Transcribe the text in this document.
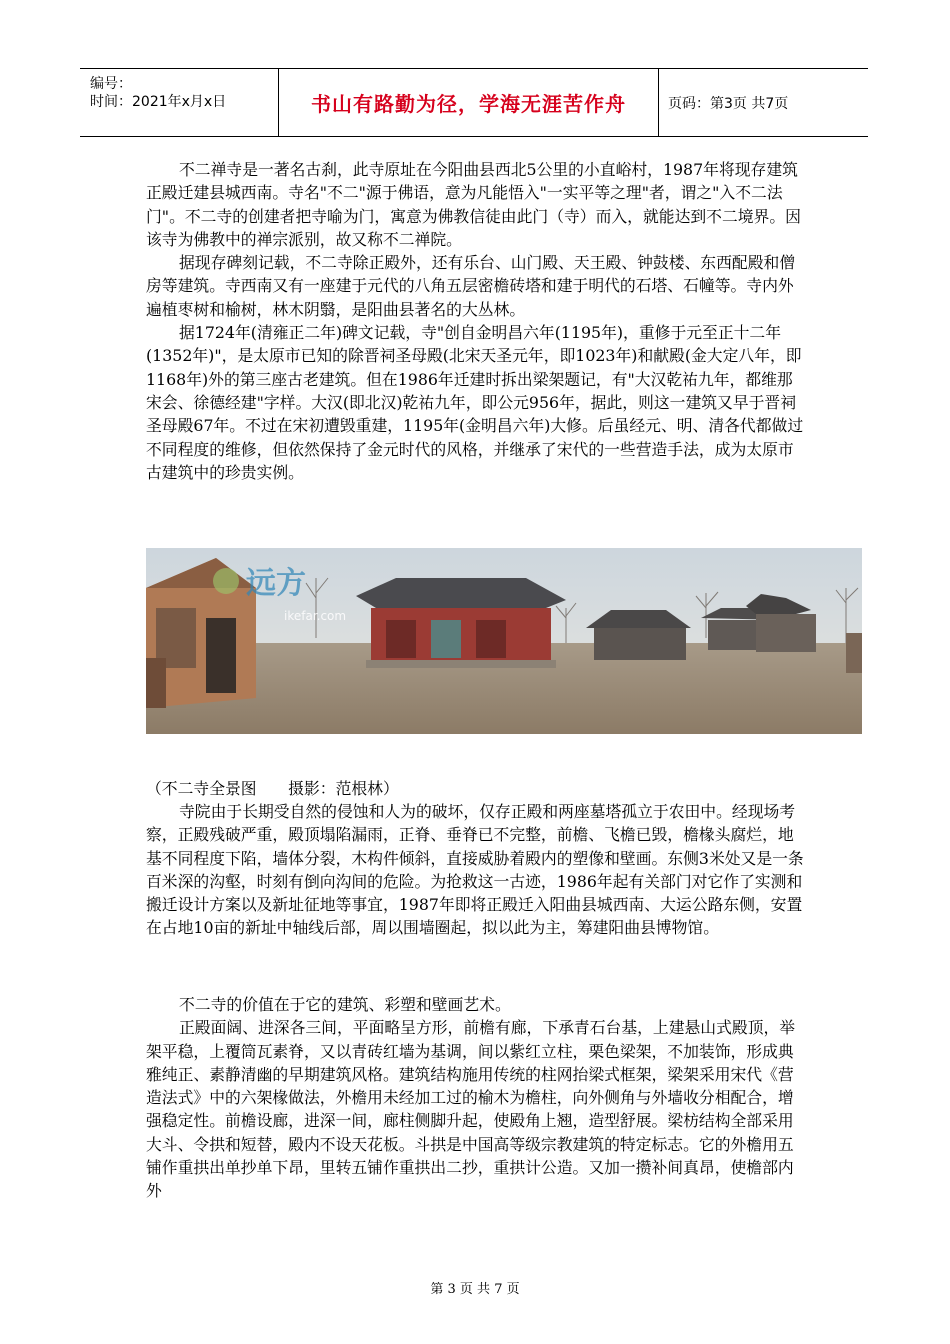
编号：
时间：2021年x月x日	书山有路勤为径，学海无涯苦作舟	页码：第3页 共7页

不二禅寺是一著名古刹，此寺原址在今阳曲县西北5公里的小直峪村，1987年将现存建筑正殿迁建县城西南。寺名"不二"源于佛语，意为凡能悟入"一实平等之理"者，谓之"入不二法门"。不二寺的创建者把寺喻为门，寓意为佛教信徒由此门（寺）而入，就能达到不二境界。因该寺为佛教中的禅宗派别，故又称不二禅院。

据现存碑刻记载，不二寺除正殿外，还有乐台、山门殿、天王殿、钟鼓楼、东西配殿和僧房等建筑。寺西南又有一座建于元代的八角五层密檐砖塔和建于明代的石塔、石幢等。寺内外遍植枣树和榆树，林木阴翳，是阳曲县著名的大丛林。

据1724年(清雍正二年)碑文记载，寺"创自金明昌六年(1195年)，重修于元至正十二年(1352年)"，是太原市已知的除晋祠圣母殿(北宋天圣元年，即1023年)和献殿(金大定八年，即1168年)外的第三座古老建筑。但在1986年迁建时拆出梁架题记，有"大汉乾祐九年，都维那宋会、徐德经建"字样。大汉(即北汉)乾祐九年，即公元956年，据此，则这一建筑又早于晋祠圣母殿67年。不过在宋初遭毁重建，1195年(金明昌六年)大修。后虽经元、明、清各代都做过不同程度的维修，但依然保持了金元时代的风格，并继承了宋代的一些营造手法，成为太原市古建筑中的珍贵实例。

远方
ikefar.com
（不二寺全景图　　摄影：范根林）

寺院由于长期受自然的侵蚀和人为的破坏，仅存正殿和两座墓塔孤立于农田中。经现场考察，正殿残破严重，殿顶塌陷漏雨，正脊、垂脊已不完整，前檐、飞檐已毁，檐椽头腐烂，地基不同程度下陷，墙体分裂，木构件倾斜，直接威胁着殿内的塑像和壁画。东侧3米处又是一条百米深的沟壑，时刻有倒向沟间的危险。为抢救这一古迹，1986年起有关部门对它作了实测和搬迁设计方案以及新址征地等事宜，1987年即将正殿迁入阳曲县城西南、大运公路东侧，安置在占地10亩的新址中轴线后部，周以围墙圈起，拟以此为主，筹建阳曲县博物馆。

不二寺的价值在于它的建筑、彩塑和壁画艺术。

正殿面阔、进深各三间，平面略呈方形，前檐有廊，下承青石台基，上建悬山式殿顶，举架平稳，上覆筒瓦素脊，又以青砖红墙为基调，间以紫红立柱，栗色梁架，不加装饰，形成典雅纯正、素静清幽的早期建筑风格。建筑结构施用传统的柱网抬梁式框架，梁架采用宋代《营造法式》中的六架椽做法，外檐用未经加工过的榆木为檐柱，向外侧角与外墙收分相配合，增强稳定性。前檐设廊，进深一间，廊柱侧脚升起，使殿角上翘，造型舒展。梁枋结构全部采用大斗、令拱和短替，殿内不设天花板。斗拱是中国高等级宗教建筑的特定标志。它的外檐用五铺作重拱出单抄单下昂，里转五铺作重拱出二抄，重拱计公造。又加一攒补间真昂，使檐部内外

第 3 页 共 7 页
